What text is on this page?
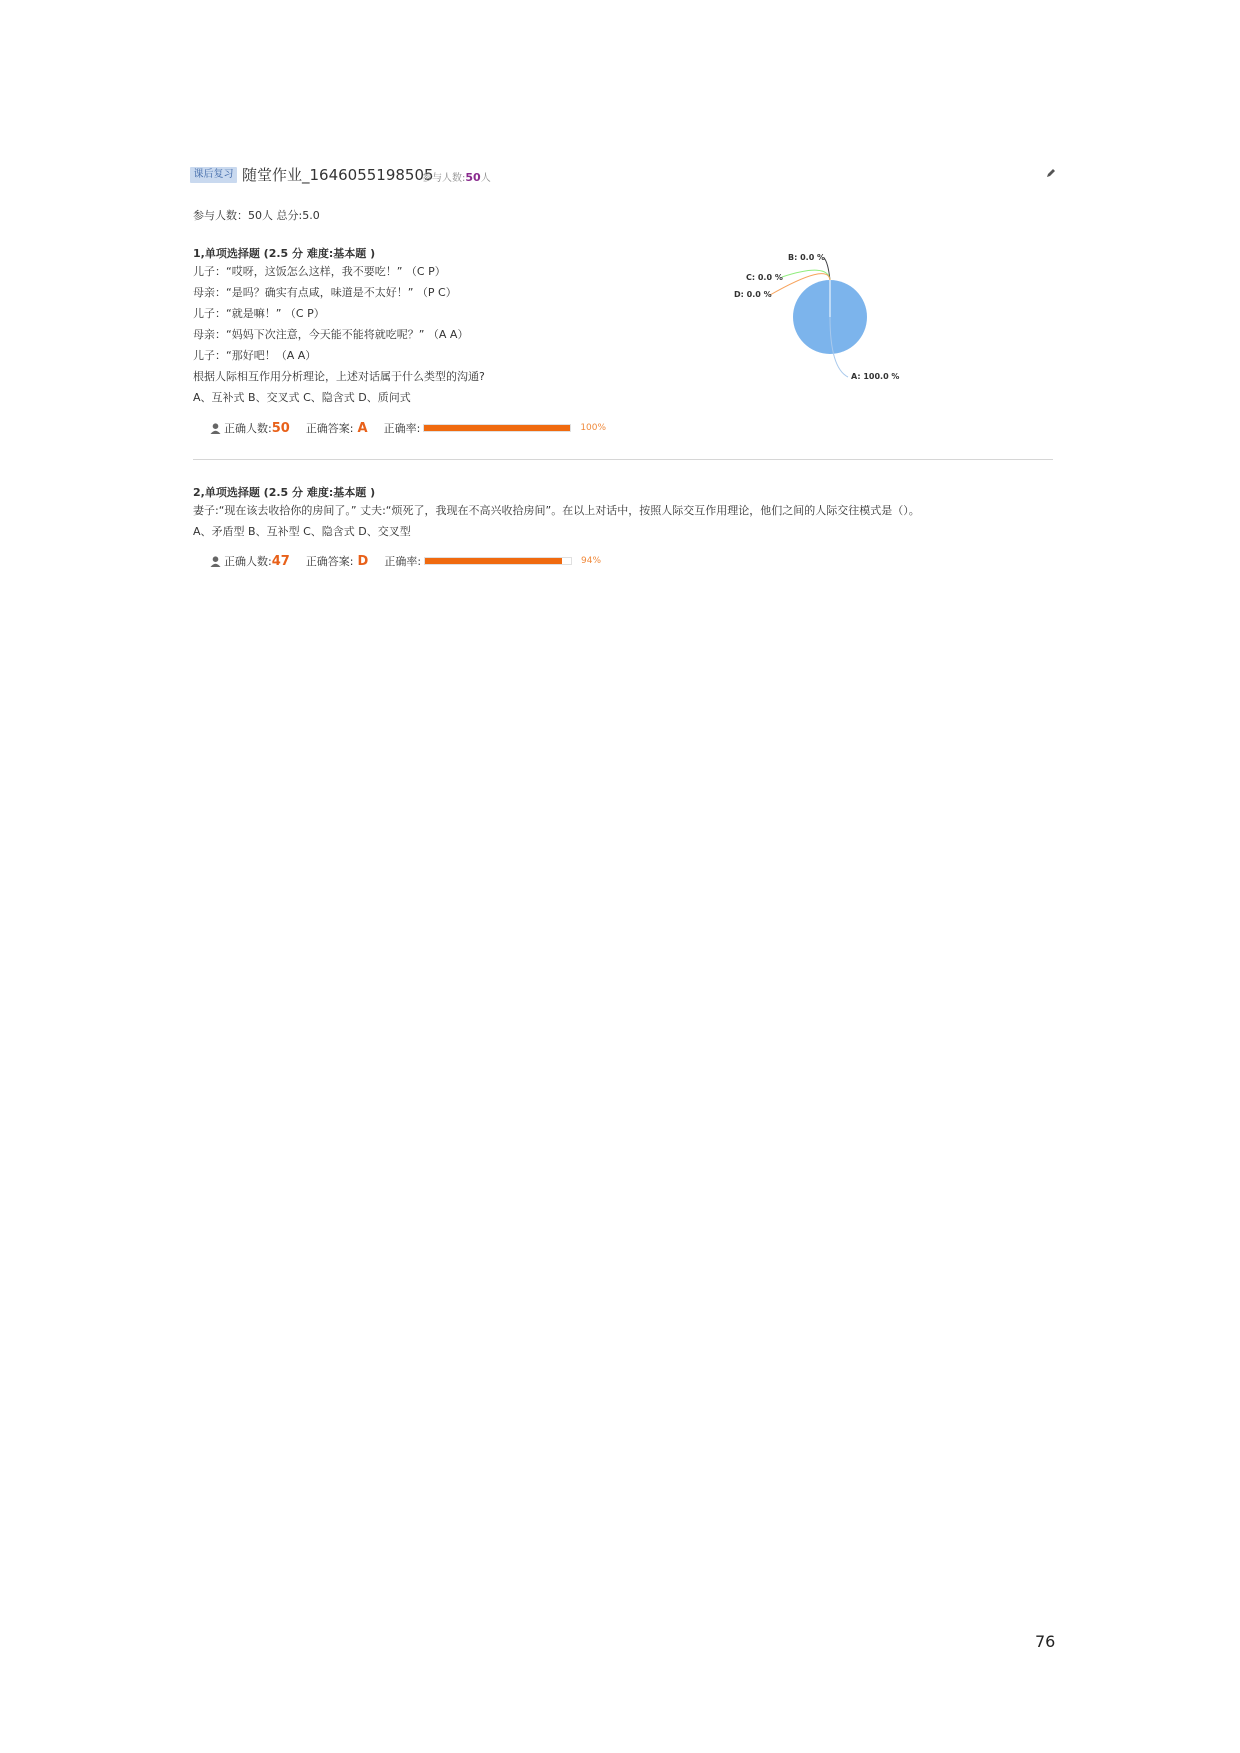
课后复习 随堂作业_1646055198505
参与人数:50人
参与人数：50人 总分:5.0
1,单项选择题 (2.5 分 难度:基本题 )
儿子：“哎呀，这饭怎么这样，我不要吃！” （C P）
母亲：“是吗？确实有点咸，味道是不太好！” （P C）
儿子：“就是嘛！” （C P）
母亲：“妈妈下次注意，今天能不能将就吃呢？” （A A）
儿子：“那好吧！（A A）
根据人际相互作用分析理论，上述对话属于什么类型的沟通?
A、互补式 B、交叉式 C、隐含式 D、质问式
正确人数: 50 正确答案: A 正确率:	100%
A: 100.0 %
B: 0.0 %
C: 0.0 %
D: 0.0 %
2,单项选择题 (2.5 分 难度:基本题 )
妻子:“现在该去收拾你的房间了。” 丈夫:“烦死了，我现在不高兴收拾房间”。在以上对话中，按照人际交互作用理论，他们之间的人际交往模式是（）。
A、矛盾型 B、互补型 C、隐含式 D、交叉型
正确人数: 47 正确答案: D 正确率:	94%
76
